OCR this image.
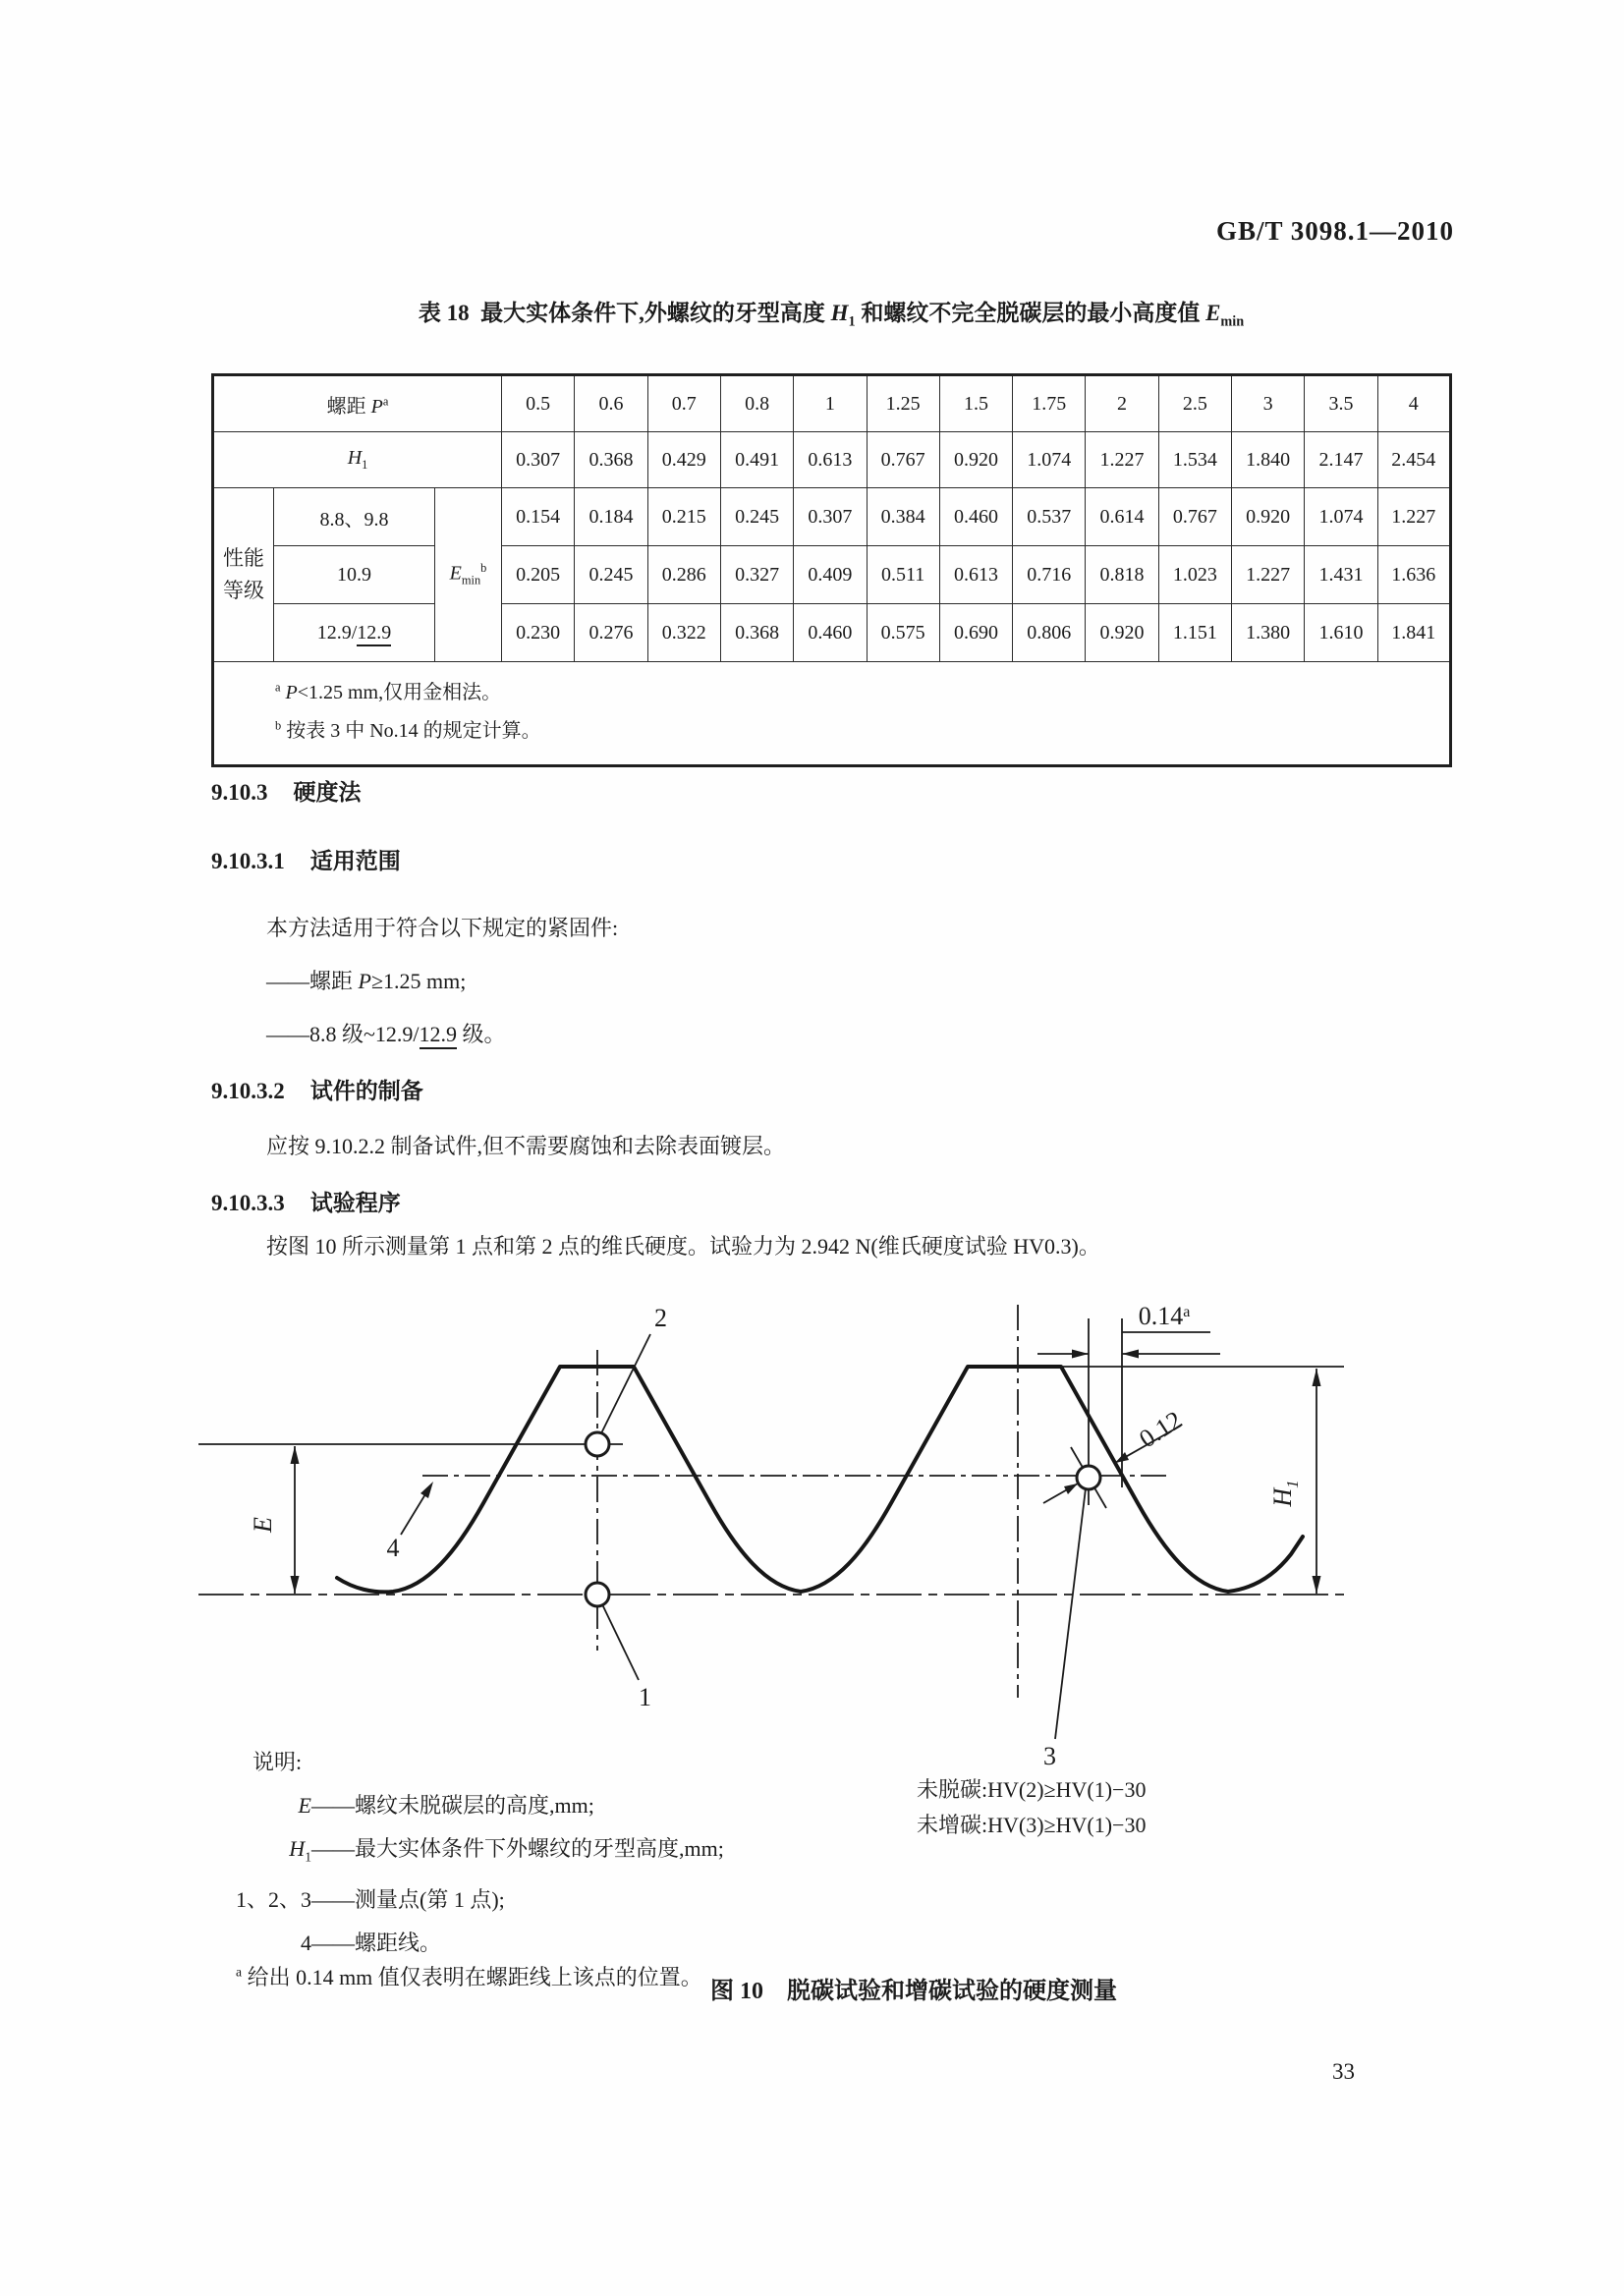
GB/T 3098.1—2010
表 18 最大实体条件下,外螺纹的牙型高度 $H_1$ 和螺纹不完全脱碳层的最小高度值 $E_{min}$
螺距 $P^a$			0.5	0.6	0.7	0.8	1	1.25	1.5	1.75	2	2.5	3	3.5	4
$H_1$			0.307	0.368	0.429	0.491	0.613	0.767	0.920	1.074	1.227	1.534	1.840	2.147	2.454
性能
等级	8.8、9.8	$E_{min}^b$	0.154	0.184	0.215	0.245	0.307	0.384	0.460	0.537	0.614	0.767	0.920	1.074	1.227
	10.9		0.205	0.245	0.286	0.327	0.409	0.511	0.613	0.716	0.818	1.023	1.227	1.431	1.636
	12.9/12.9		0.230	0.276	0.322	0.368	0.460	0.575	0.690	0.806	0.920	1.151	1.380	1.610	1.841

$^a$ P<1.25 mm,仅用金相法。
$^b$ 按表 3 中 No.14 的规定计算。															
9.10.3 硬度法
9.10.3.1 适用范围
本方法适用于符合以下规定的紧固件:
——螺距 P≥1.25 mm;
——8.8 级~12.9/12.9 级。
9.10.3.2 试件的制备
应按 9.10.2.2 制备试件,但不需要腐蚀和去除表面镀层。
9.10.3.3 试验程序
按图 10 所示测量第 1 点和第 2 点的维氏硬度。试验力为 2.942 N(维氏硬度试验 HV0.3)。
0.14$^a$
$H_1$
E
0.12
2
1
3
4
说明:
E——螺纹未脱碳层的高度,mm;
$H_1——$最大实体条件下外螺纹的牙型高度,mm;
1、2、3——测量点(第 1 点);
4——螺距线。
$^a$ 给出 0.14 mm 值仅表明在螺距线上该点的位置。
未脱碳:HV(2)≥HV(1)−30
未增碳:HV(3)≥HV(1)−30
图 10 脱碳试验和增碳试验的硬度测量
33
